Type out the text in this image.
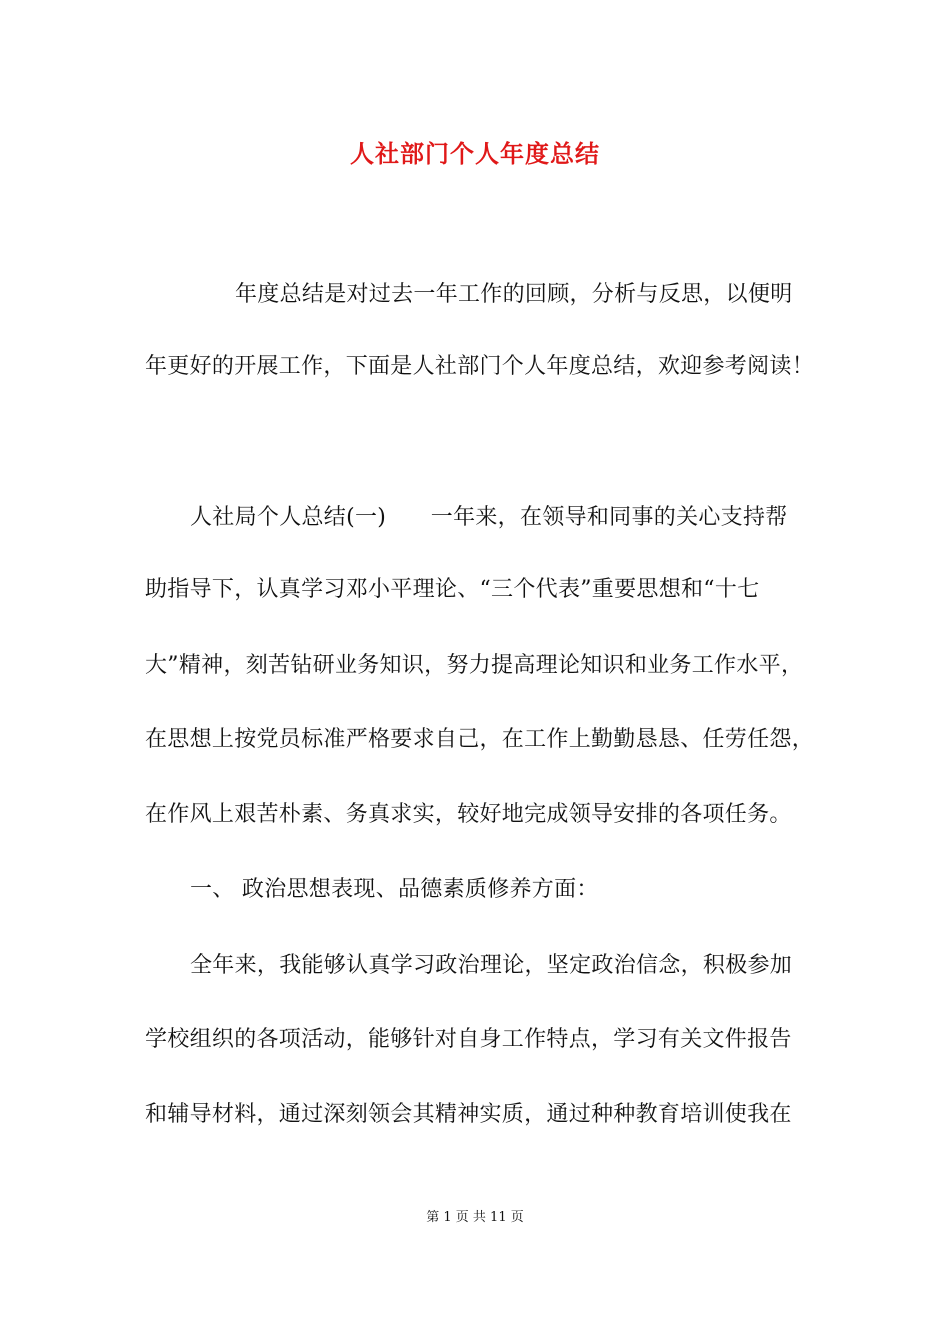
人社部门个人年度总结
年度总结是对过去一年工作的回顾，分析与反思，以便明
年更好的开展工作，下面是人社部门个人年度总结，欢迎参考阅读！
人社局个人总结(一)　　一年来，在领导和同事的关心支持帮
助指导下，认真学习邓小平理论、“三个代表”重要思想和“十七
大”精神，刻苦钻研业务知识，努力提高理论知识和业务工作水平，
在思想上按党员标准严格要求自己，在工作上勤勤恳恳、任劳任怨，
在作风上艰苦朴素、务真求实，较好地完成领导安排的各项任务。
一、 政治思想表现、品德素质修养方面：
全年来，我能够认真学习政治理论，坚定政治信念，积极参加
学校组织的各项活动，能够针对自身工作特点，学习有关文件报告
和辅导材料，通过深刻领会其精神实质，通过种种教育培训使我在
第 1 页 共 11 页
